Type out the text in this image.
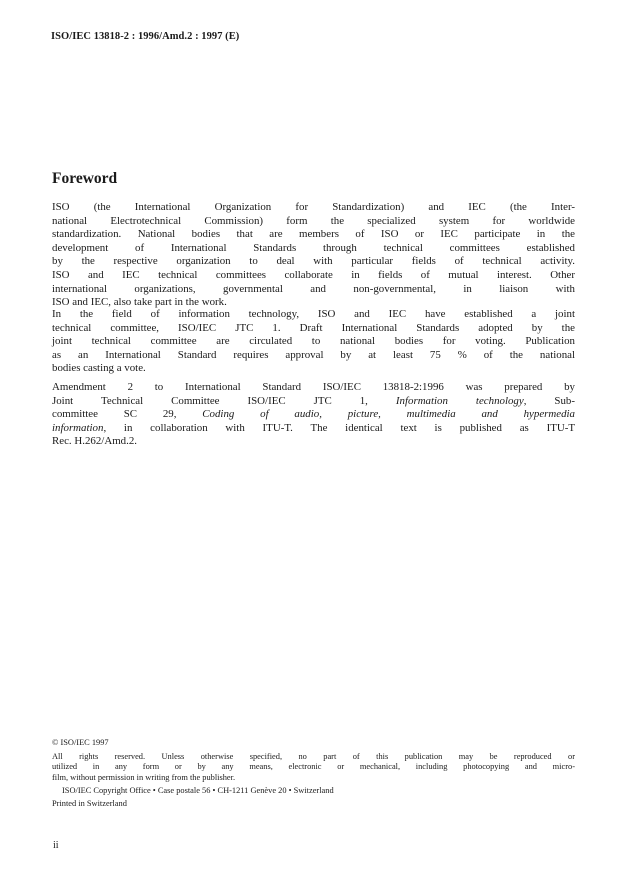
ISO/IEC 13818-2 : 1996/Amd.2 : 1997 (E)
Foreword
ISO (the International Organization for Standardization) and IEC (the Inter-
national Electrotechnical Commission) form the specialized system for worldwide
standardization. National bodies that are members of ISO or IEC participate in the
development of International Standards through technical committees established
by the respective organization to deal with particular fields of technical activity.
ISO and IEC technical committees collaborate in fields of mutual interest. Other
international organizations, governmental and non-governmental, in liaison with
ISO and IEC, also take part in the work.
In the field of information technology, ISO and IEC have established a joint
technical committee, ISO/IEC JTC 1. Draft International Standards adopted by the
joint technical committee are circulated to national bodies for voting. Publication
as an International Standard requires approval by at least 75 % of the national
bodies casting a vote.
Amendment 2 to International Standard ISO/IEC 13818-2:1996 was prepared by
Joint Technical Committee ISO/IEC JTC 1, Information technology, Sub-
committee SC 29, Coding of audio, picture, multimedia and hypermedia
information, in collaboration with ITU-T. The identical text is published as ITU-T
Rec. H.262/Amd.2.
© ISO/IEC 1997
All rights reserved. Unless otherwise specified, no part of this publication may be reproduced or
utilized in any form or by any means, electronic or mechanical, including photocopying and micro-
film, without permission in writing from the publisher.
ISO/IEC Copyright Office • Case postale 56 • CH-1211 Genève 20 • Switzerland
Printed in Switzerland
ii
